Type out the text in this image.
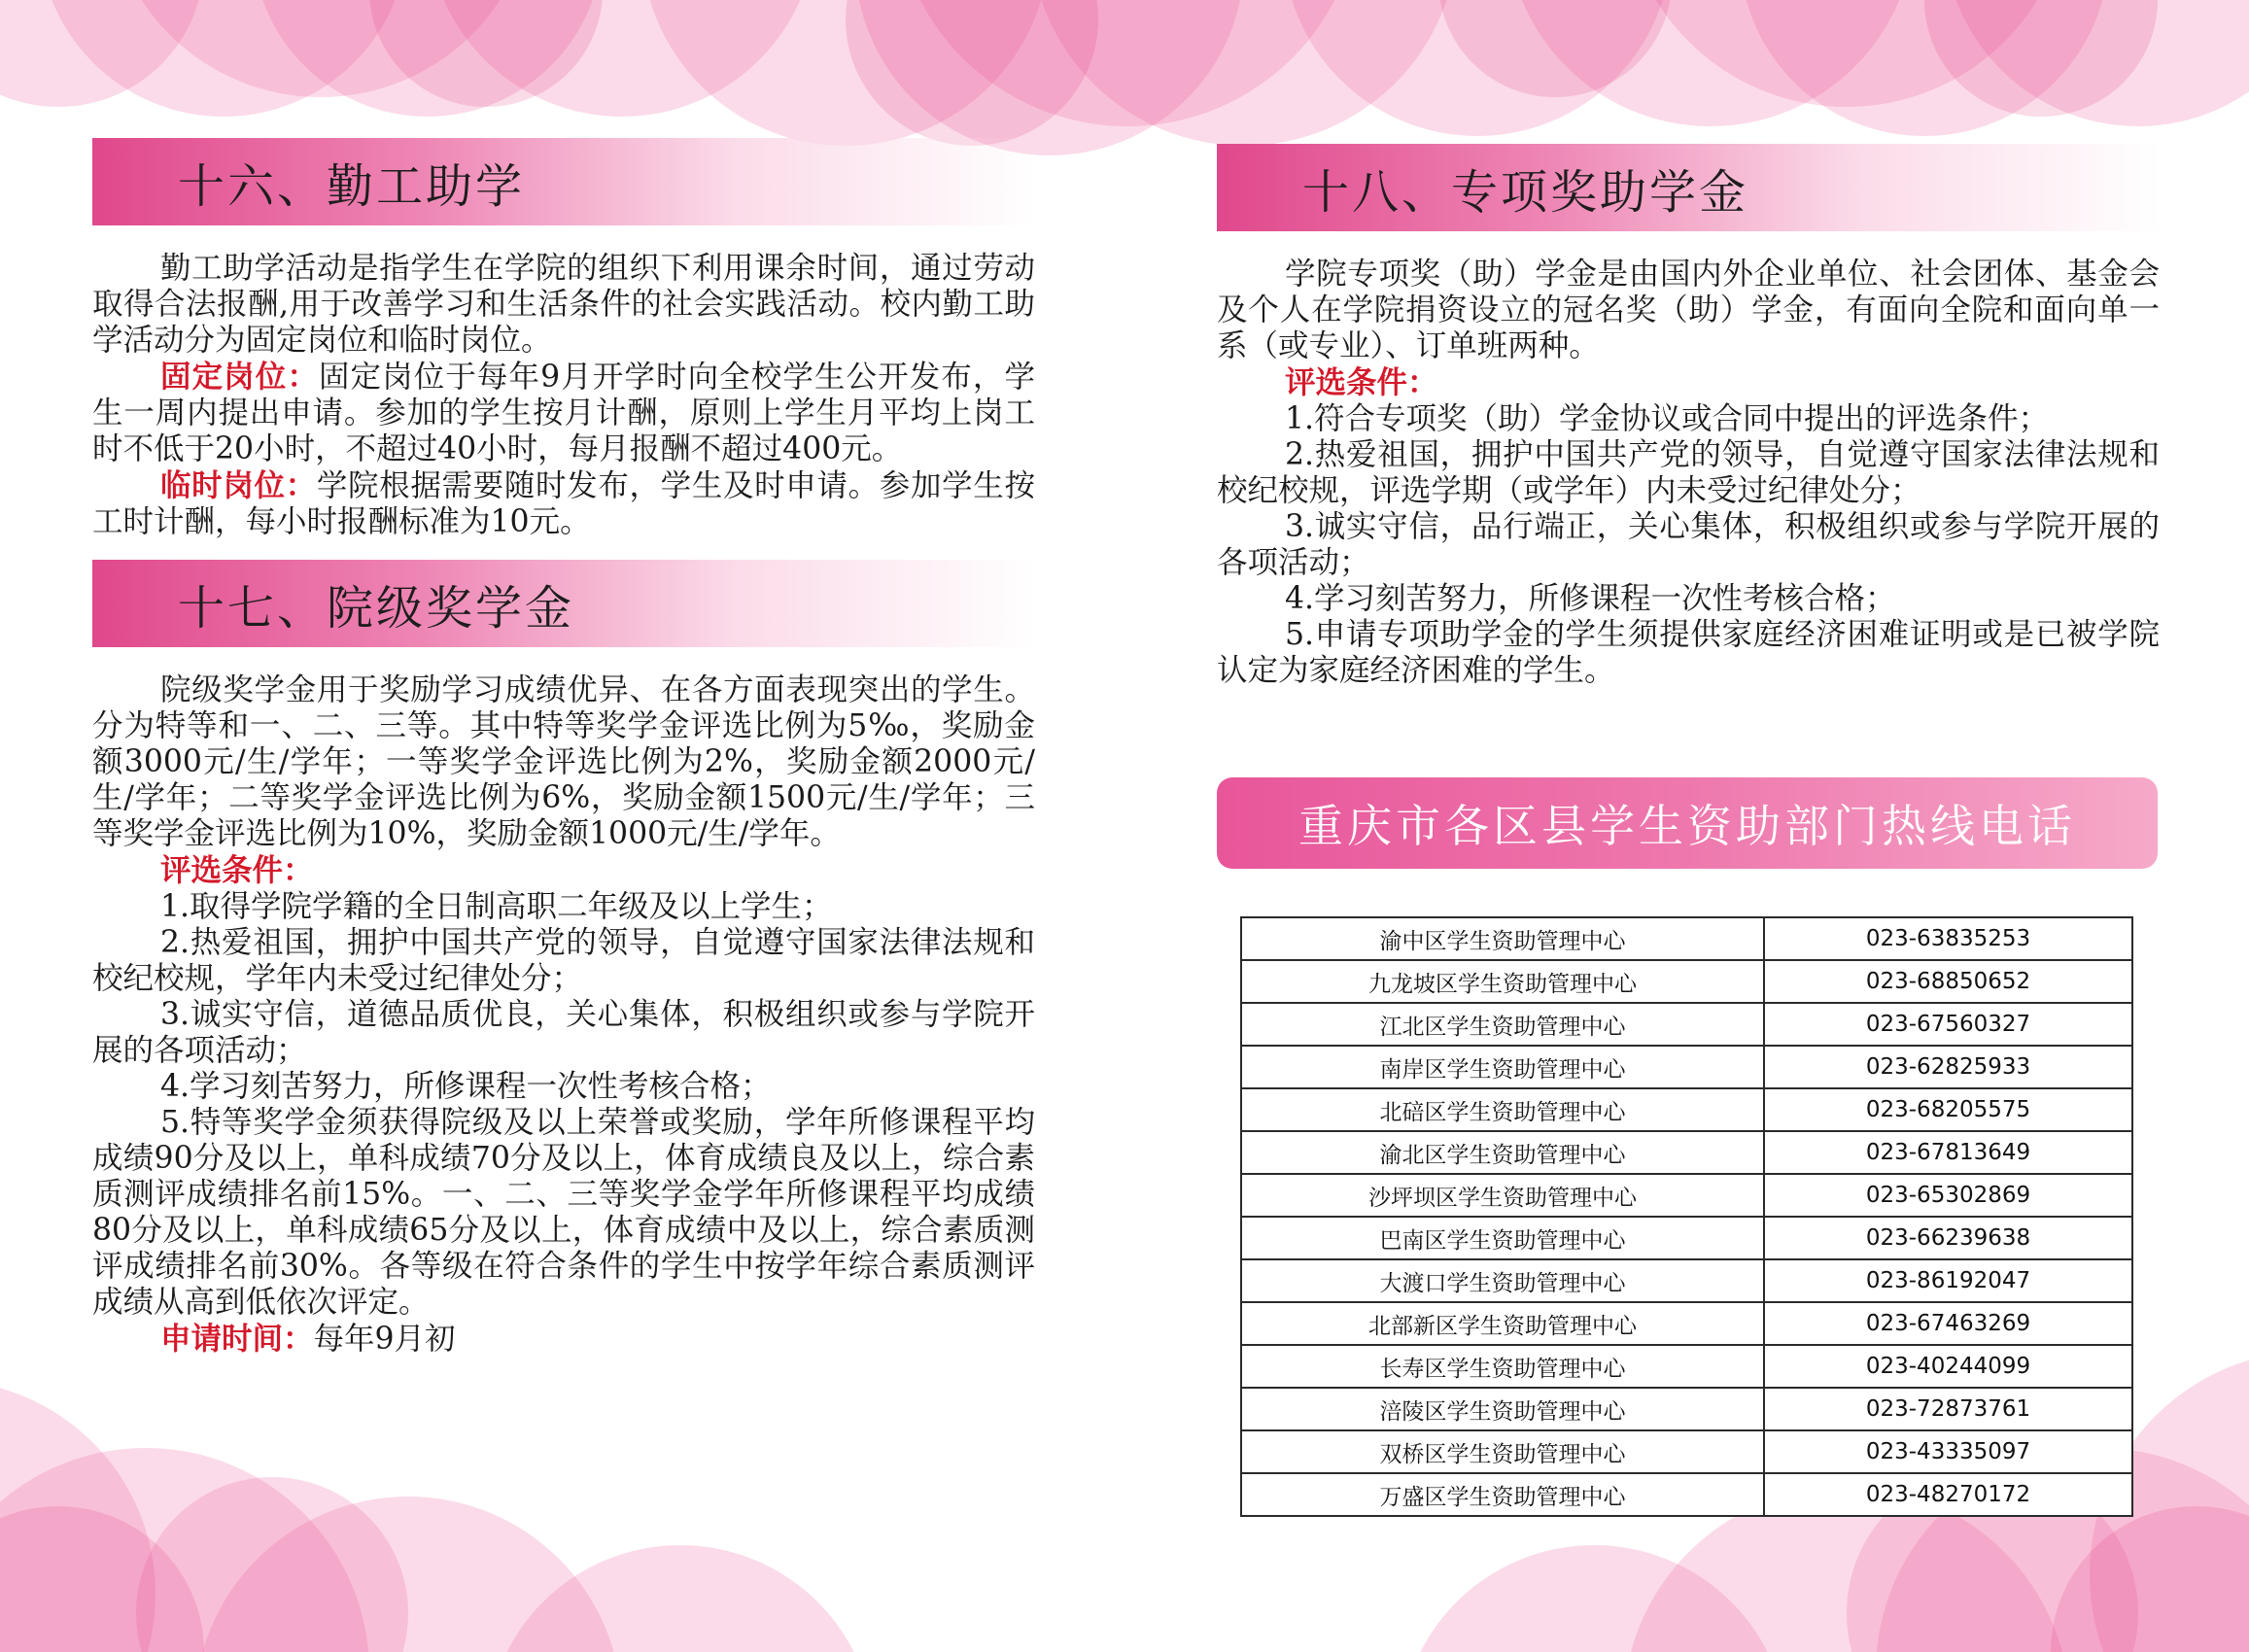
十六、勤工助学

勤工助学活动是指学生在学院的组织下利用课余时间，通过劳动取得合法报酬,用于改善学习和生活条件的社会实践活动。校内勤工助学活动分为固定岗位和临时岗位。

固定岗位：固定岗位于每年9月开学时向全校学生公开发布，学生一周内提出申请。参加的学生按月计酬，原则上学生月平均上岗工时不低于20小时，不超过40小时，每月报酬不超过400元。

临时岗位：学院根据需要随时发布，学生及时申请。参加学生按工时计酬，每小时报酬标准为10元。

十七、院级奖学金

院级奖学金用于奖励学习成绩优异、在各方面表现突出的学生。分为特等和一、二、三等。其中特等奖学金评选比例为5‰，奖励金额3000元/生/学年；一等奖学金评选比例为2%，奖励金额2000元/生/学年；二等奖学金评选比例为6%，奖励金额1500元/生/学年；三等奖学金评选比例为10%，奖励金额1000元/生/学年。

评选条件：

1.取得学院学籍的全日制高职二年级及以上学生；

2.热爱祖国，拥护中国共产党的领导，自觉遵守国家法律法规和校纪校规，学年内未受过纪律处分；

3.诚实守信，道德品质优良，关心集体，积极组织或参与学院开展的各项活动；

4.学习刻苦努力，所修课程一次性考核合格；

5.特等奖学金须获得院级及以上荣誉或奖励，学年所修课程平均成绩90分及以上，单科成绩70分及以上，体育成绩良及以上，综合素质测评成绩排名前15%。一、二、三等奖学金学年所修课程平均成绩80分及以上，单科成绩65分及以上，体育成绩中及以上，综合素质测评成绩排名前30%。各等级在符合条件的学生中按学年综合素质测评成绩从高到低依次评定。

申请时间：每年9月初

十八、专项奖助学金

学院专项奖（助）学金是由国内外企业单位、社会团体、基金会及个人在学院捐资设立的冠名奖（助）学金，有面向全院和面向单一系（或专业）、订单班两种。

评选条件：

1.符合专项奖（助）学金协议或合同中提出的评选条件；

2.热爱祖国，拥护中国共产党的领导，自觉遵守国家法律法规和校纪校规，评选学期（或学年）内未受过纪律处分；

3.诚实守信，品行端正，关心集体，积极组织或参与学院开展的各项活动；

4.学习刻苦努力，所修课程一次性考核合格；

5.申请专项助学金的学生须提供家庭经济困难证明或是已被学院认定为家庭经济困难的学生。

重庆市各区县学生资助部门热线电话
渝中区学生资助管理中心	023-63835253
九龙坡区学生资助管理中心	023-68850652
江北区学生资助管理中心	023-67560327
南岸区学生资助管理中心	023-62825933
北碚区学生资助管理中心	023-68205575
渝北区学生资助管理中心	023-67813649
沙坪坝区学生资助管理中心	023-65302869
巴南区学生资助管理中心	023-66239638
大渡口学生资助管理中心	023-86192047
北部新区学生资助管理中心	023-67463269
长寿区学生资助管理中心	023-40244099
涪陵区学生资助管理中心	023-72873761
双桥区学生资助管理中心	023-43335097
万盛区学生资助管理中心	023-48270172
